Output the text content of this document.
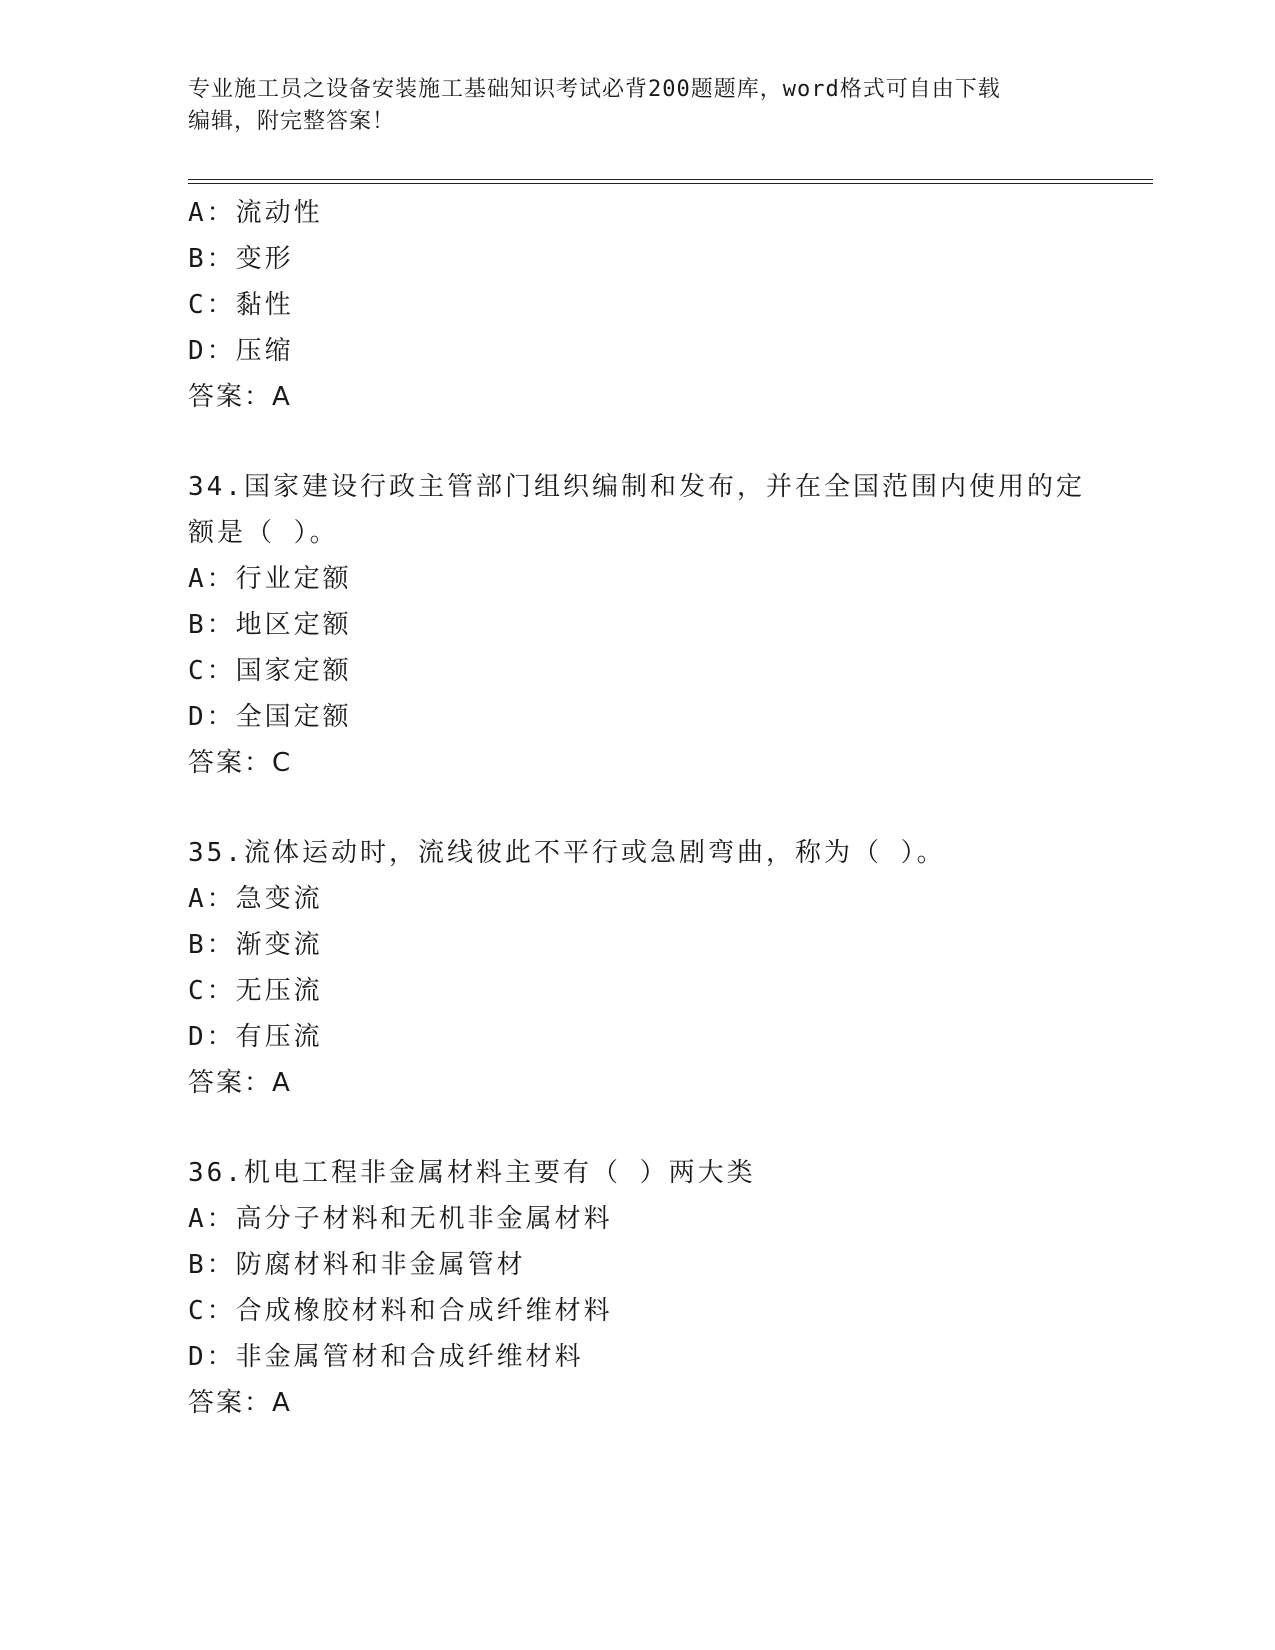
专业施工员之设备安装施工基础知识考试必背200题题库，word格式可自由下载
编辑，附完整答案！
A：流动性
B：变形
C：黏性
D：压缩
答案：A
34.国家建设行政主管部门组织编制和发布，并在全国范围内使用的定
额是（ ）。
A：行业定额
B：地区定额
C：国家定额
D：全国定额
答案：C
35.流体运动时，流线彼此不平行或急剧弯曲，称为（ ）。
A：急变流
B：渐变流
C：无压流
D：有压流
答案：A
36.机电工程非金属材料主要有（ ）两大类
A：高分子材料和无机非金属材料
B：防腐材料和非金属管材
C：合成橡胶材料和合成纤维材料
D：非金属管材和合成纤维材料
答案：A
